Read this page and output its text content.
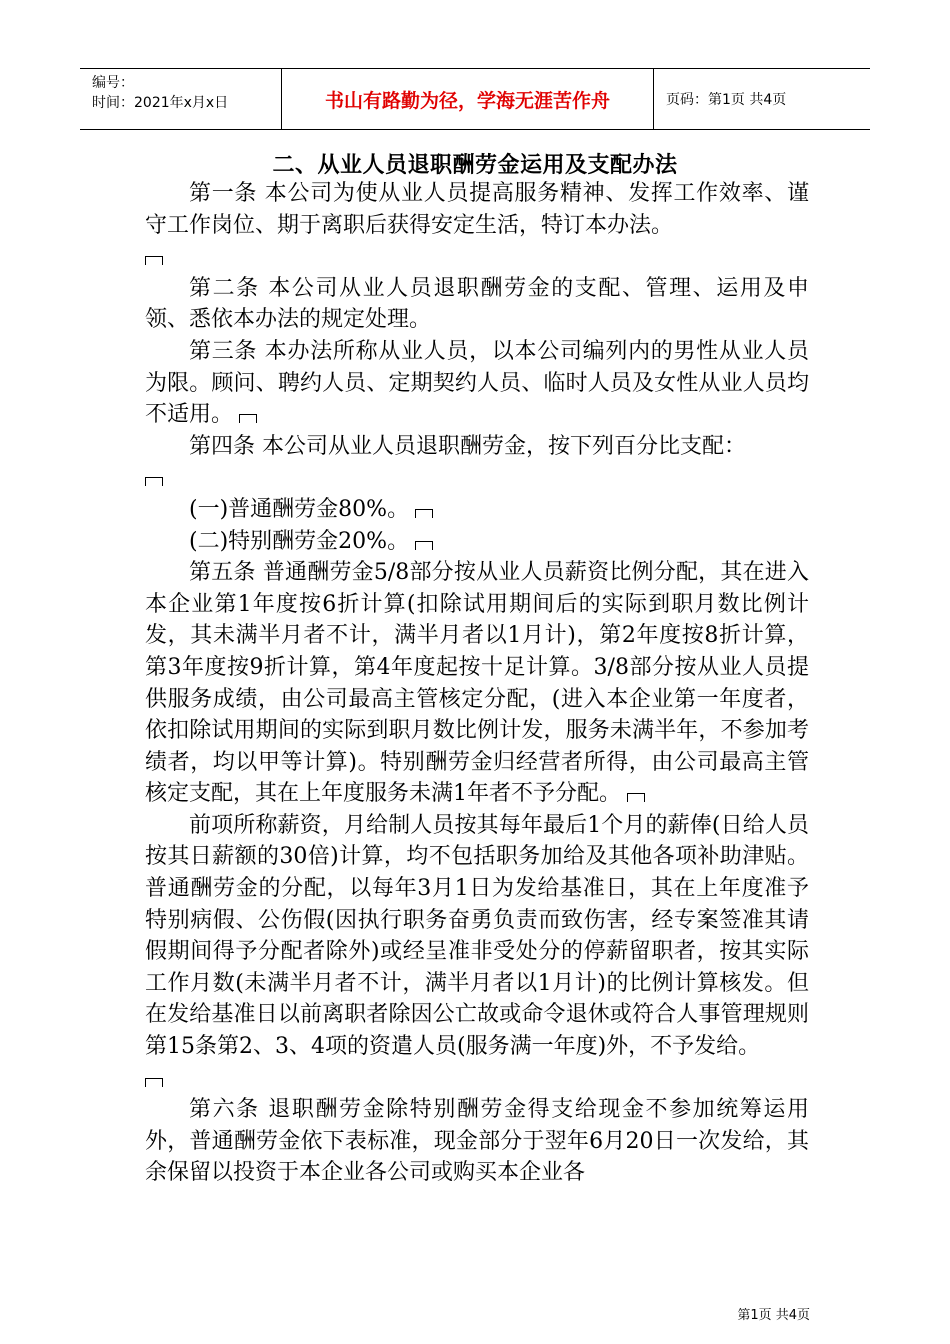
编号：
时间：2021年x月x日	书山有路勤为径，学海无涯苦作舟	页码：第1页 共4页
二、从业人员退职酬劳金运用及支配办法

第一条 本公司为使从业人员提高服务精神、发挥工作效率、谨守工作岗位、期于离职后获得安定生活，特订本办法。

第二条 本公司从业人员退职酬劳金的支配、管理、运用及申领、悉依本办法的规定处理。

第三条 本办法所称从业人员，以本公司编列内的男性从业人员为限。顾问、聘约人员、定期契约人员、临时人员及女性从业人员均不适用。

第四条 本公司从业人员退职酬劳金，按下列百分比支配：

(一)普通酬劳金80%。

(二)特别酬劳金20%。

第五条 普通酬劳金5/8部分按从业人员薪资比例分配，其在进入本企业第1年度按6折计算(扣除试用期间后的实际到职月数比例计发，其未满半月者不计，满半月者以1月计)，第2年度按8折计算，第3年度按9折计算，第4年度起按十足计算。3/8部分按从业人员提供服务成绩，由公司最高主管核定分配，(进入本企业第一年度者，依扣除试用期间的实际到职月数比例计发，服务未满半年，不参加考绩者，均以甲等计算)。特别酬劳金归经营者所得，由公司最高主管核定支配，其在上年度服务未满1年者不予分配。

前项所称薪资，月给制人员按其每年最后1个月的薪俸(日给人员按其日薪额的30倍)计算，均不包括职务加给及其他各项补助津贴。普通酬劳金的分配，以每年3月1日为发给基准日，其在上年度准予特别病假、公伤假(因执行职务奋勇负责而致伤害，经专案签准其请假期间得予分配者除外)或经呈准非受处分的停薪留职者，按其实际工作月数(未满半月者不计，满半月者以1月计)的比例计算核发。但在发给基准日以前离职者除因公亡故或命令退休或符合人事管理规则第15条第2、3、4项的资遣人员(服务满一年度)外，不予发给。

第六条 退职酬劳金除特别酬劳金得支给现金不参加统筹运用外，普通酬劳金依下表标准，现金部分于翌年6月20日一次发给，其余保留以投资于本企业各公司或购买本企业各

第1页 共4页
